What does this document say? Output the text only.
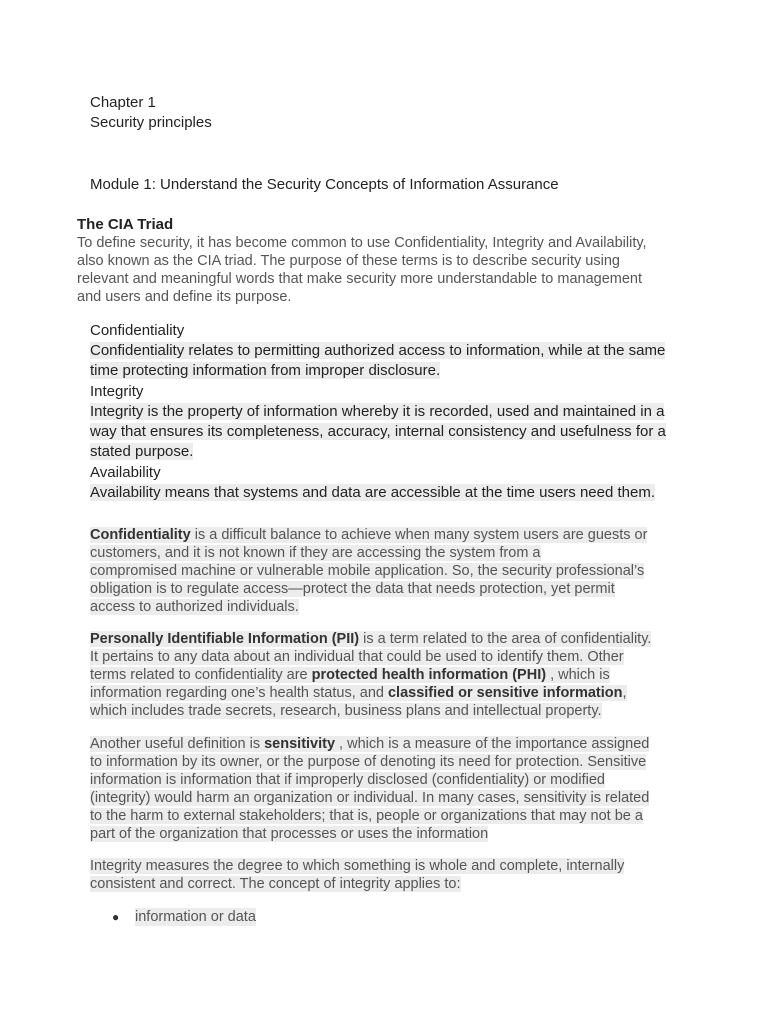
Chapter 1
Security principles
Module 1: Understand the Security Concepts of Information Assurance
The CIA Triad
To define security, it has become common to use Confidentiality, Integrity and Availability,
also known as the CIA triad. The purpose of these terms is to describe security using
relevant and meaningful words that make security more understandable to management
and users and define its purpose.
Confidentiality
Confidentiality relates to permitting authorized access to information, while at the same
time protecting information from improper disclosure.
Integrity
Integrity is the property of information whereby it is recorded, used and maintained in a
way that ensures its completeness, accuracy, internal consistency and usefulness for a
stated purpose.
Availability
Availability means that systems and data are accessible at the time users need them.
Confidentiality is a difficult balance to achieve when many system users are guests or
customers, and it is not known if they are accessing the system from a
compromised machine or vulnerable mobile application. So, the security professional’s
obligation is to regulate access—protect the data that needs protection, yet permit
access to authorized individuals.
Personally Identifiable Information (PII) is a term related to the area of confidentiality.
It pertains to any data about an individual that could be used to identify them. Other
terms related to confidentiality are protected health information (PHI) , which is
information regarding one’s health status, and classified or sensitive information,
which includes trade secrets, research, business plans and intellectual property.
Another useful definition is sensitivity , which is a measure of the importance assigned
to information by its owner, or the purpose of denoting its need for protection. Sensitive
information is information that if improperly disclosed (confidentiality) or modified
(integrity) would harm an organization or individual. In many cases, sensitivity is related
to the harm to external stakeholders; that is, people or organizations that may not be a
part of the organization that processes or uses the information
Integrity measures the degree to which something is whole and complete, internally
consistent and correct. The concept of integrity applies to:
●	information or data
